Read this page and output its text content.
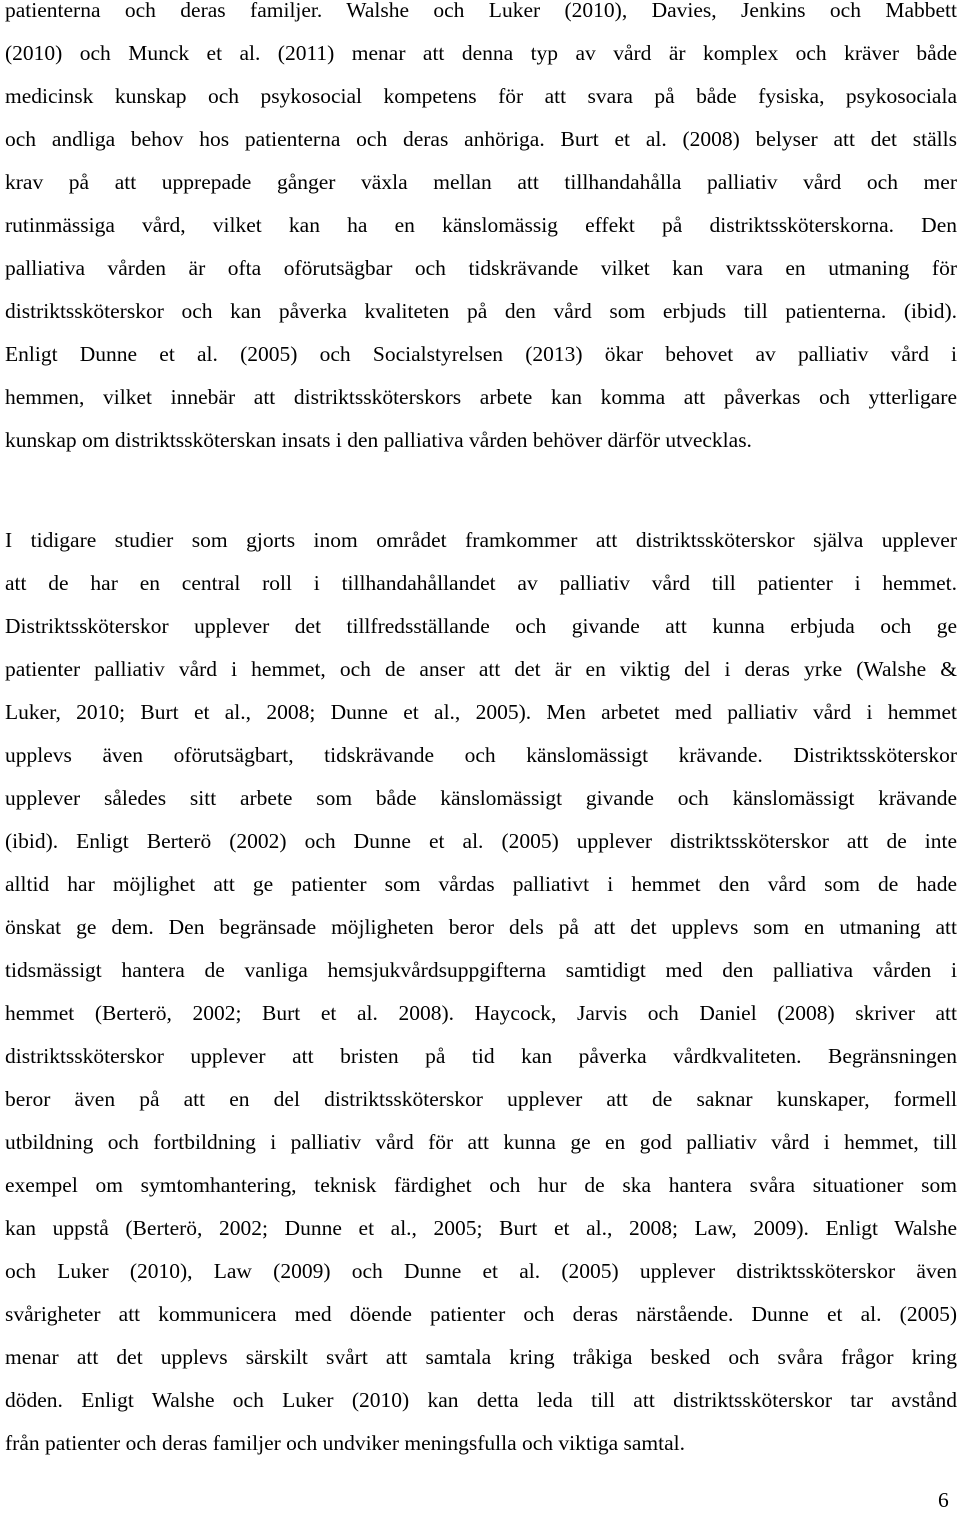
patienterna och deras familjer. Walshe och Luker (2010), Davies, Jenkins och Mabbett
(2010) och Munck et al. (2011) menar att denna typ av vård är komplex och kräver både
medicinsk kunskap och psykosocial kompetens för att svara på både fysiska, psykosociala
och andliga behov hos patienterna och deras anhöriga. Burt et al. (2008) belyser att det ställs
krav på att upprepade gånger växla mellan att tillhandahålla palliativ vård och mer
rutinmässiga vård, vilket kan ha en känslomässig effekt på distriktssköterskorna. Den
palliativa vården är ofta oförutsägbar och tidskrävande vilket kan vara en utmaning för
distriktssköterskor och kan påverka kvaliteten på den vård som erbjuds till patienterna. (ibid).
Enligt Dunne et al. (2005) och Socialstyrelsen (2013) ökar behovet av palliativ vård i
hemmen, vilket innebär att distriktssköterskors arbete kan komma att påverkas och ytterligare
kunskap om distriktssköterskan insats i den palliativa vården behöver därför utvecklas.
I tidigare studier som gjorts inom området framkommer att distriktssköterskor själva upplever
att de har en central roll i tillhandahållandet av palliativ vård till patienter i hemmet.
Distriktssköterskor upplever det tillfredsställande och givande att kunna erbjuda och ge
patienter palliativ vård i hemmet, och de anser att det är en viktig del i deras yrke (Walshe &
Luker, 2010; Burt et al., 2008; Dunne et al., 2005). Men arbetet med palliativ vård i hemmet
upplevs även oförutsägbart, tidskrävande och känslomässigt krävande. Distriktssköterskor
upplever således sitt arbete som både känslomässigt givande och känslomässigt krävande
(ibid). Enligt Berterö (2002) och Dunne et al. (2005) upplever distriktssköterskor att de inte
alltid har möjlighet att ge patienter som vårdas palliativt i hemmet den vård som de hade
önskat ge dem. Den begränsade möjligheten beror dels på att det upplevs som en utmaning att
tidsmässigt hantera de vanliga hemsjukvårdsuppgifterna samtidigt med den palliativa vården i
hemmet (Berterö, 2002; Burt et al. 2008). Haycock, Jarvis och Daniel (2008) skriver att
distriktssköterskor upplever att bristen på tid kan påverka vårdkvaliteten. Begränsningen
beror även på att en del distriktssköterskor upplever att de saknar kunskaper, formell
utbildning och fortbildning i palliativ vård för att kunna ge en god palliativ vård i hemmet, till
exempel om symtomhantering, teknisk färdighet och hur de ska hantera svåra situationer som
kan uppstå (Berterö, 2002; Dunne et al., 2005; Burt et al., 2008; Law, 2009). Enligt Walshe
och Luker (2010), Law (2009) och Dunne et al. (2005) upplever distriktssköterskor även
svårigheter att kommunicera med döende patienter och deras närstående. Dunne et al. (2005)
menar att det upplevs särskilt svårt att samtala kring tråkiga besked och svåra frågor kring
döden. Enligt Walshe och Luker (2010) kan detta leda till att distriktssköterskor tar avstånd
från patienter och deras familjer och undviker meningsfulla och viktiga samtal.
6
